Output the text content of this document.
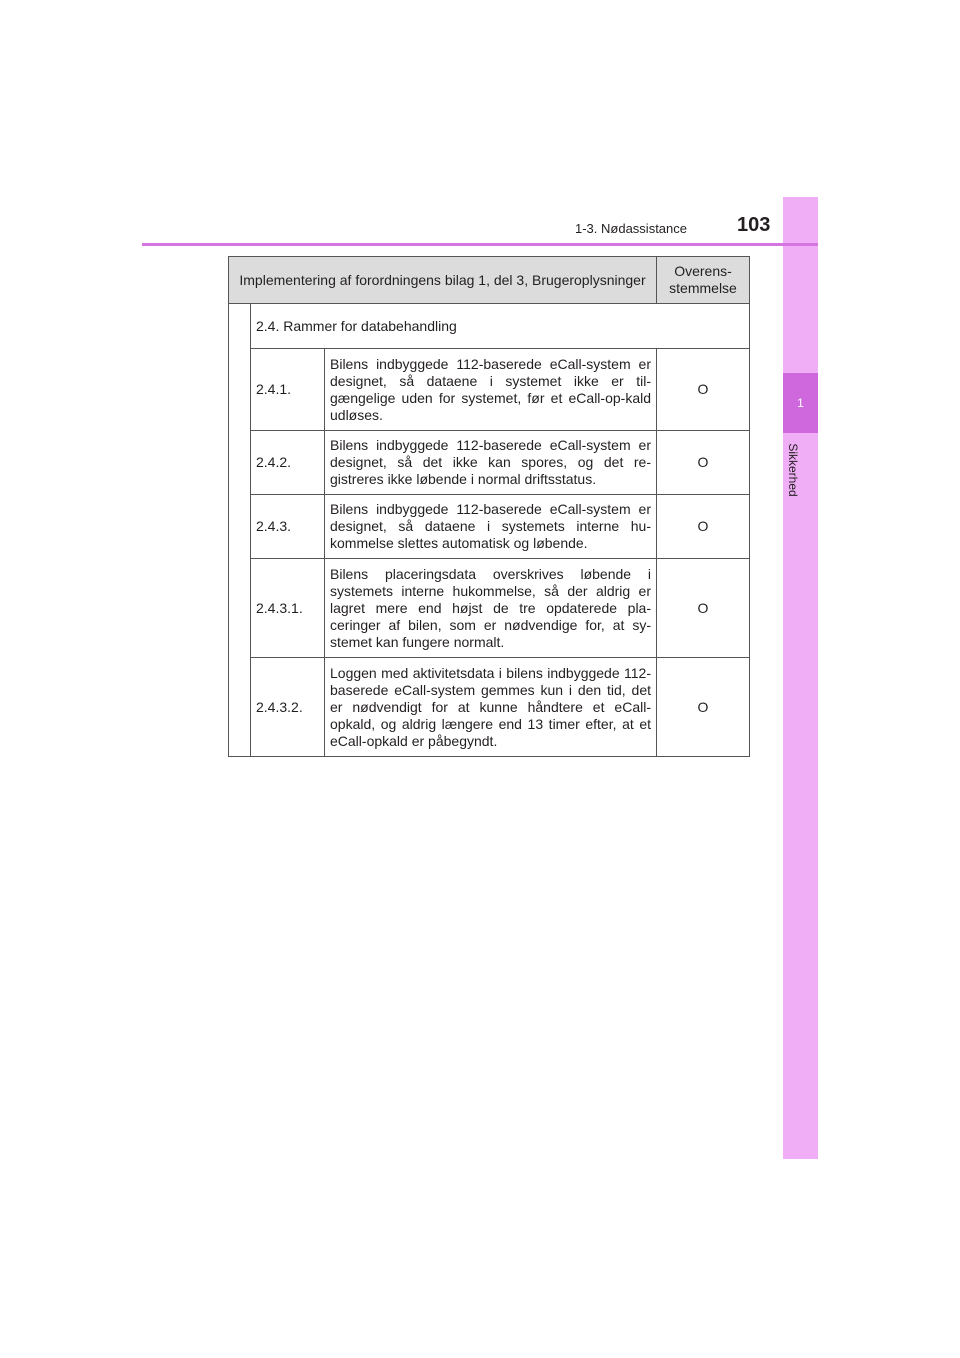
1
Sikkerhed
1-3. Nødassistance	103
Implementering af forordningens bilag 1, del 3, Brugeroplysninger			Overens-stemmelse
	2.4. Rammer for databehandling		
	2.4.1.	Bilens indbyggede 112-baserede eCall-system er designet, så dataene i systemet ikke er til-gængelige uden for systemet, før et eCall-op-kald udløses.	O
	2.4.2.	Bilens indbyggede 112-baserede eCall-system er designet, så det ikke kan spores, og det re-gistreres ikke løbende i normal driftsstatus.	O
	2.4.3.	Bilens indbyggede 112-baserede eCall-system er designet, så dataene i systemets interne hu-kommelse slettes automatisk og løbende.	O
	2.4.3.1.	Bilens placeringsdata overskrives løbende i systemets interne hukommelse, så der aldrig er lagret mere end højst de tre opdaterede pla-ceringer af bilen, som er nødvendige for, at sy-stemet kan fungere normalt.	O
	2.4.3.2.	Loggen med aktivitetsdata i bilens indbyggede 112-baserede eCall-system gemmes kun i den tid, det er nødvendigt for at kunne håndtere et eCall-opkald, og aldrig længere end 13 timer efter, at et eCall-opkald er påbegyndt.	O
